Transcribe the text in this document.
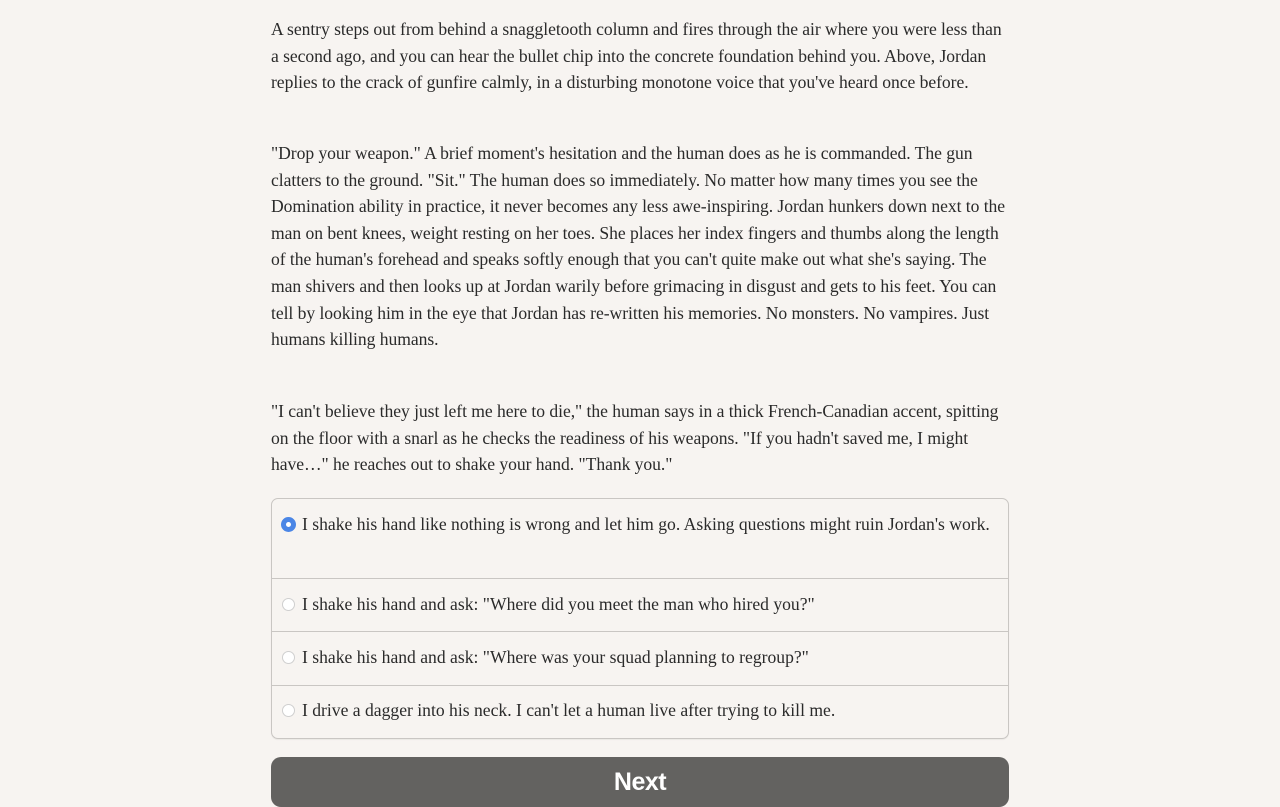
A sentry steps out from behind a snaggletooth column and fires through the air where you were less than a second ago, and you can hear the bullet chip into the concrete foundation behind you. Above, Jordan replies to the crack of gunfire calmly, in a disturbing monotone voice that you've heard once before.

"Drop your weapon." A brief moment's hesitation and the human does as he is commanded. The gun clatters to the ground. "Sit." The human does so immediately. No matter how many times you see the Domination ability in practice, it never becomes any less awe-inspiring. Jordan hunkers down next to the man on bent knees, weight resting on her toes. She places her index fingers and thumbs along the length of the human's forehead and speaks softly enough that you can't quite make out what she's saying. The man shivers and then looks up at Jordan warily before grimacing in disgust and gets to his feet. You can tell by looking him in the eye that Jordan has re-written his memories. No monsters. No vampires. Just humans killing humans.

"I can't believe they just left me here to die," the human says in a thick French-Canadian accent, spitting on the floor with a snarl as he checks the readiness of his weapons. "If you hadn't saved me, I might have…" he reaches out to shake your hand. "Thank you."

I shake his hand like nothing is wrong and let him go. Asking questions might ruin Jordan's work.
I shake his hand and ask: "Where did you meet the man who hired you?"
I shake his hand and ask: "Where was your squad planning to regroup?"
I drive a dagger into his neck. I can't let a human live after trying to kill me.
Next
